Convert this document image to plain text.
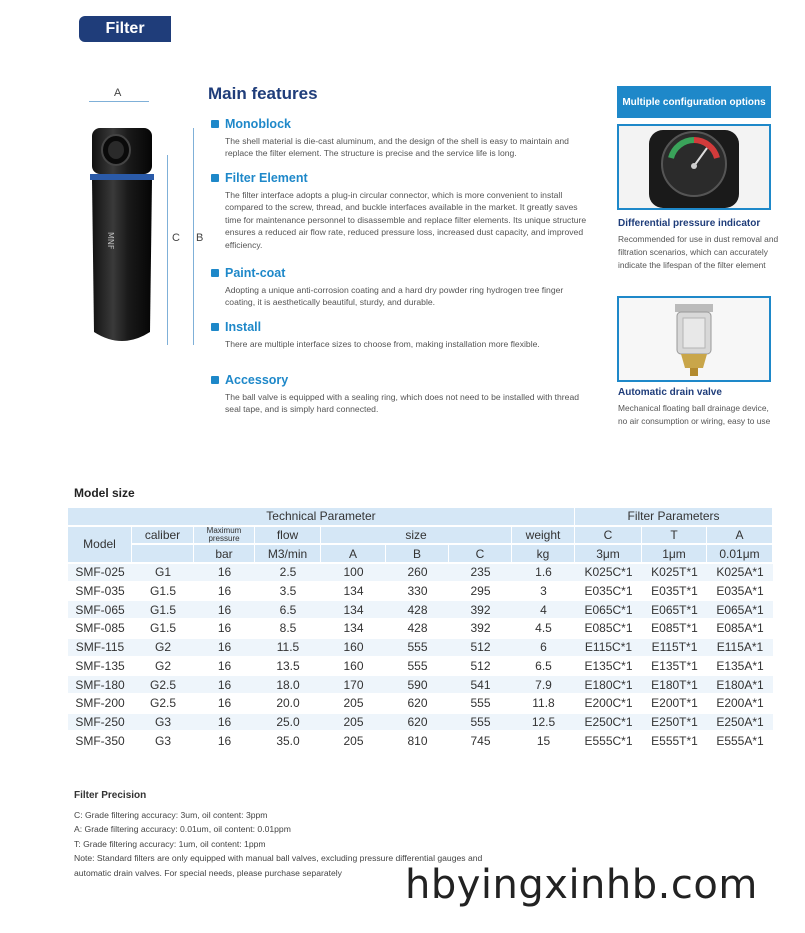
Filter
A
C B
MNF
Main features
Monoblock
The shell material is die-cast aluminum, and the design of the shell is easy to maintain and replace the filter element. The structure is precise and the service life is long.
Filter Element
The filter interface adopts a plug-in circular connector, which is more convenient to install compared to the screw, thread, and buckle interfaces available in the market. It greatly saves time for maintenance personnel to disassemble and replace filter elements. Its unique structure ensures a reduced air flow rate, reduced pressure loss, increased dust capacity, and improved efficiency.
Paint-coat
Adopting a unique anti-corrosion coating and a hard dry powder ring hydrogen tree finger coating, it is aesthetically beautiful, sturdy, and durable.
Install
There are multiple interface sizes to choose from, making installation more flexible.
Accessory
The ball valve is equipped with a sealing ring, which does not need to be installed with thread seal tape, and is simply hard connected.
Multiple configuration options
Differential pressure indicator
Recommended for use in dust removal and filtration scenarios, which can accurately indicate the lifespan of the filter element
Automatic drain valve
Mechanical floating ball drainage device, no air consumption or wiring, easy to use
Model size
Technical Parameter								Filter Parameters		
Model	caliber	Maximum pressure	flow	size			weight	C	T	A
		bar	M3/min	A	B	C	kg	3μm	1μm	0.01μm
SMF-025	G1	16	2.5	100	260	235	1.6	K025C*1	K025T*1	K025A*1
SMF-035	G1.5	16	3.5	134	330	295	3	E035C*1	E035T*1	E035A*1
SMF-065	G1.5	16	6.5	134	428	392	4	E065C*1	E065T*1	E065A*1
SMF-085	G1.5	16	8.5	134	428	392	4.5	E085C*1	E085T*1	E085A*1
SMF-115	G2	16	11.5	160	555	512	6	E115C*1	E115T*1	E115A*1
SMF-135	G2	16	13.5	160	555	512	6.5	E135C*1	E135T*1	E135A*1
SMF-180	G2.5	16	18.0	170	590	541	7.9	E180C*1	E180T*1	E180A*1
SMF-200	G2.5	16	20.0	205	620	555	11.8	E200C*1	E200T*1	E200A*1
SMF-250	G3	16	25.0	205	620	555	12.5	E250C*1	E250T*1	E250A*1
SMF-350	G3	16	35.0	205	810	745	15	E555C*1	E555T*1	E555A*1
Filter Precision
C: Grade filtering accuracy: 3um, oil content: 3ppm
A: Grade filtering accuracy: 0.01um, oil content: 0.01ppm
T: Grade filtering accuracy: 1um, oil content: 1ppm
Note: Standard filters are only equipped with manual ball valves, excluding pressure differential gauges and
automatic drain valves. For special needs, please purchase separately	hbyingxinhb.com
